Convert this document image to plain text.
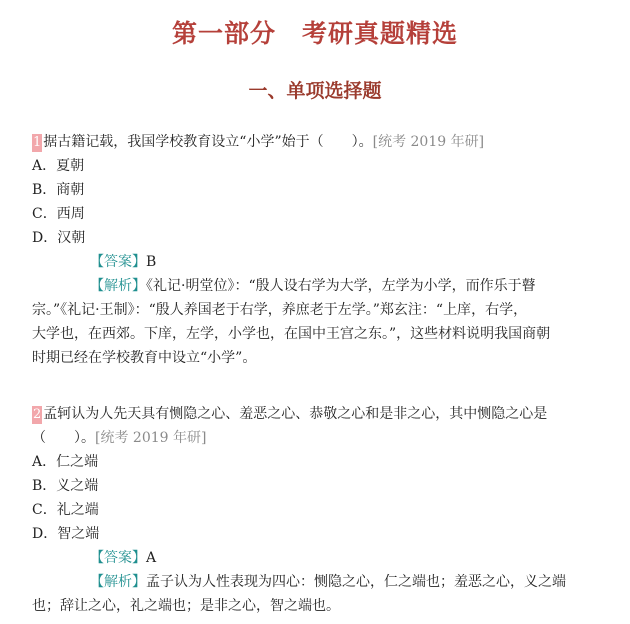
第一部分 考研真题精选
一、单项选择题
1 据古籍记载，我国学校教育设立“小学”始于（　　）。[统考 2019 年研]
A．夏朝
B．商朝
C．西周
D．汉朝
【答案】B
【解析】《礼记·明堂位》：“殷人设右学为大学，左学为小学，而作乐于瞽
宗。”《礼记·王制》：“殷人养国老于右学，养庶老于左学。”郑玄注：“上庠，右学，
大学也，在西郊。下庠，左学，小学也，在国中王宫之东。”，这些材料说明我国商朝
时期已经在学校教育中设立“小学”。
2 孟轲认为人先天具有恻隐之心、羞恶之心、恭敬之心和是非之心，其中恻隐之心是
（　　）。[统考 2019 年研]
A．仁之端
B．义之端
C．礼之端
D．智之端
【答案】A
【解析】孟子认为人性表现为四心：恻隐之心，仁之端也；羞恶之心，义之端
也；辞让之心，礼之端也；是非之心，智之端也。
